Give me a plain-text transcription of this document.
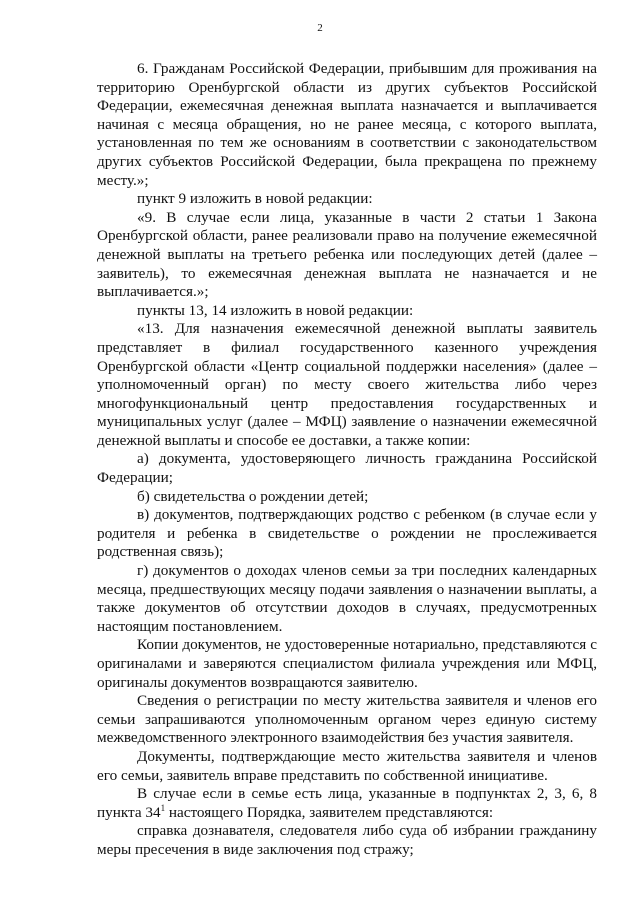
2

6. Гражданам Российской Федерации, прибывшим для проживания на территорию Оренбургской области из других субъектов Российской Федерации, ежемесячная денежная выплата назначается и выплачивается начиная с месяца обращения, но не ранее месяца, с которого выплата, установленная по тем же основаниям в соответствии с законодательством других субъектов Российской Федерации, была прекращена по прежнему месту.»;

пункт 9 изложить в новой редакции:

«9. В случае если лица, указанные в части 2 статьи 1 Закона Оренбургской области, ранее реализовали право на получение ежемесячной денежной выплаты на третьего ребенка или последующих детей (далее – заявитель), то ежемесячная денежная выплата не назначается и не выплачивается.»;

пункты 13, 14 изложить в новой редакции:

«13. Для назначения ежемесячной денежной выплаты заявитель представляет в филиал государственного казенного учреждения Оренбургской области «Центр социальной поддержки населения» (далее – уполномоченный орган) по месту своего жительства либо через многофункциональный центр предоставления государственных и муниципальных услуг (далее – МФЦ) заявление о назначении ежемесячной денежной выплаты и способе ее доставки, а также копии:

а) документа, удостоверяющего личность гражданина Российской Федерации;

б) свидетельства о рождении детей;

в) документов, подтверждающих родство с ребенком (в случае если у родителя и ребенка в свидетельстве о рождении не прослеживается родственная связь);

г) документов о доходах членов семьи за три последних календарных месяца, предшествующих месяцу подачи заявления о назначении выплаты, а также документов об отсутствии доходов в случаях, предусмотренных настоящим постановлением.

Копии документов, не удостоверенные нотариально, представляются с оригиналами и заверяются специалистом филиала учреждения или МФЦ, оригиналы документов возвращаются заявителю.

Сведения о регистрации по месту жительства заявителя и членов его семьи запрашиваются уполномоченным органом через единую систему межведомственного электронного взаимодействия без участия заявителя.

Документы, подтверждающие место жительства заявителя и членов его семьи, заявитель вправе представить по собственной инициативе.

В случае если в семье есть лица, указанные в подпунктах 2, 3, 6, 8 пункта $34^1$ настоящего Порядка, заявителем представляются:

справка дознавателя, следователя либо суда об избрании гражданину меры пресечения в виде заключения под стражу;
